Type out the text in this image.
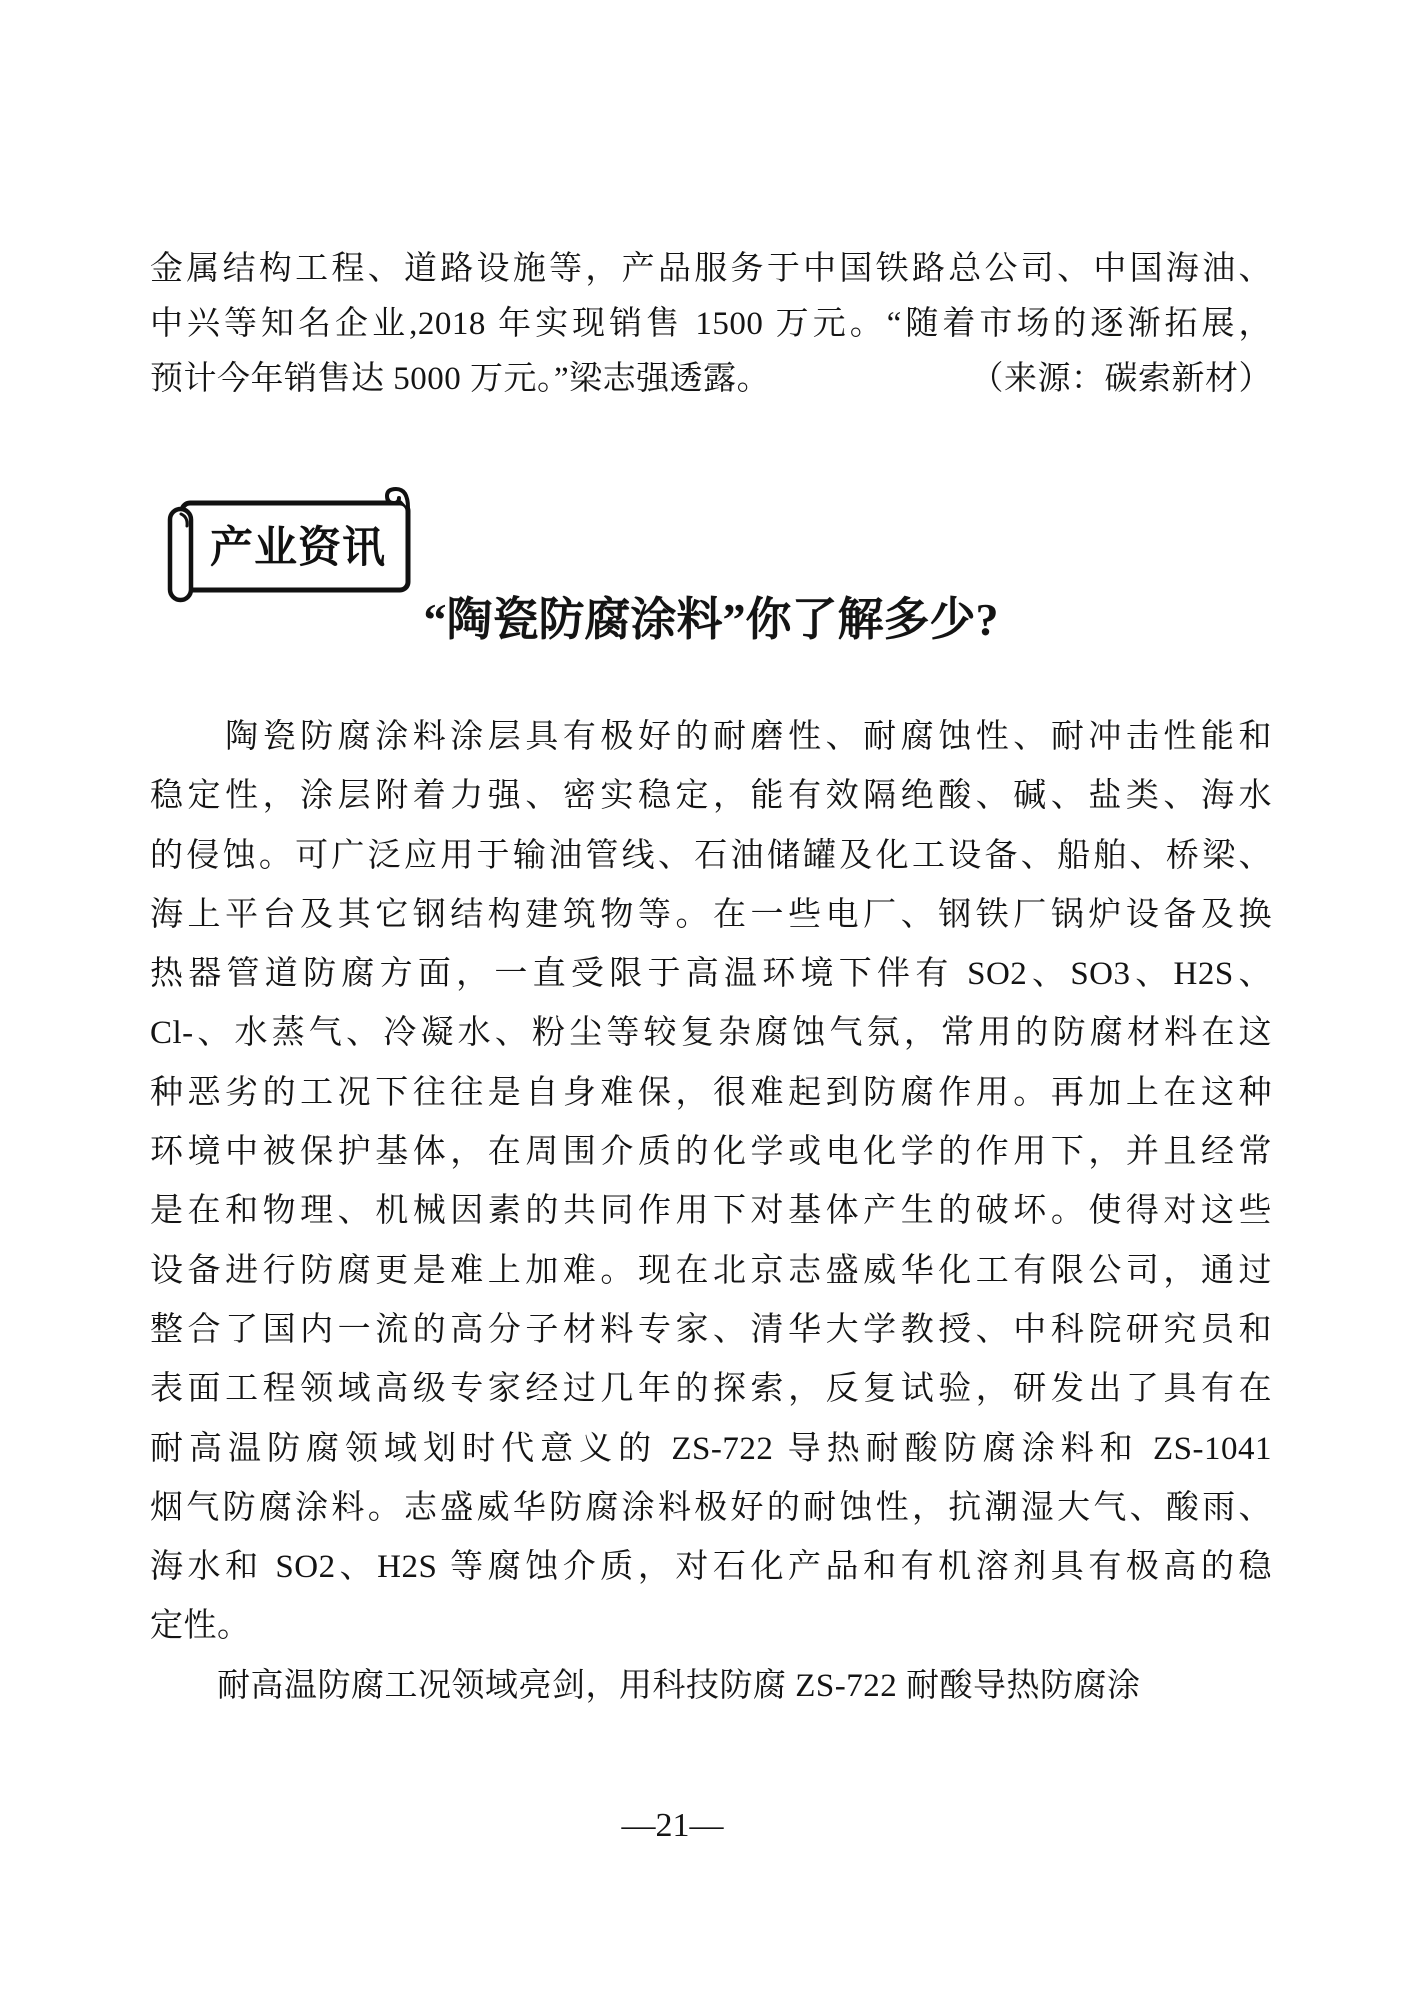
金属结构工程、道路设施等，产品服务于中国铁路总公司、中国海油、
中兴等知名企业,2018 年实现销售 1500 万元。“随着市场的逐渐拓展，
预计今年销售达 5000 万元。”梁志强透露。	（来源：碳索新材）
产业资讯
“陶瓷防腐涂料”你了解多少?
　　陶瓷防腐涂料涂层具有极好的耐磨性、耐腐蚀性、耐冲击性能和
稳定性，涂层附着力强、密实稳定，能有效隔绝酸、碱、盐类、海水
的侵蚀。可广泛应用于输油管线、石油储罐及化工设备、船舶、桥梁、
海上平台及其它钢结构建筑物等。在一些电厂、钢铁厂锅炉设备及换
热器管道防腐方面，一直受限于高温环境下伴有 SO2、SO3、H2S、
Cl-、水蒸气、冷凝水、粉尘等较复杂腐蚀气氛，常用的防腐材料在这
种恶劣的工况下往往是自身难保，很难起到防腐作用。再加上在这种
环境中被保护基体，在周围介质的化学或电化学的作用下，并且经常
是在和物理、机械因素的共同作用下对基体产生的破坏。使得对这些
设备进行防腐更是难上加难。现在北京志盛威华化工有限公司，通过
整合了国内一流的高分子材料专家、清华大学教授、中科院研究员和
表面工程领域高级专家经过几年的探索，反复试验，研发出了具有在
耐高温防腐领域划时代意义的 ZS-722 导热耐酸防腐涂料和 ZS-1041
烟气防腐涂料。志盛威华防腐涂料极好的耐蚀性，抗潮湿大气、酸雨、
海水和 SO2、H2S 等腐蚀介质，对石化产品和有机溶剂具有极高的稳
定性。
　　耐高温防腐工况领域亮剑，用科技防腐 ZS-722 耐酸导热防腐涂
—21—
